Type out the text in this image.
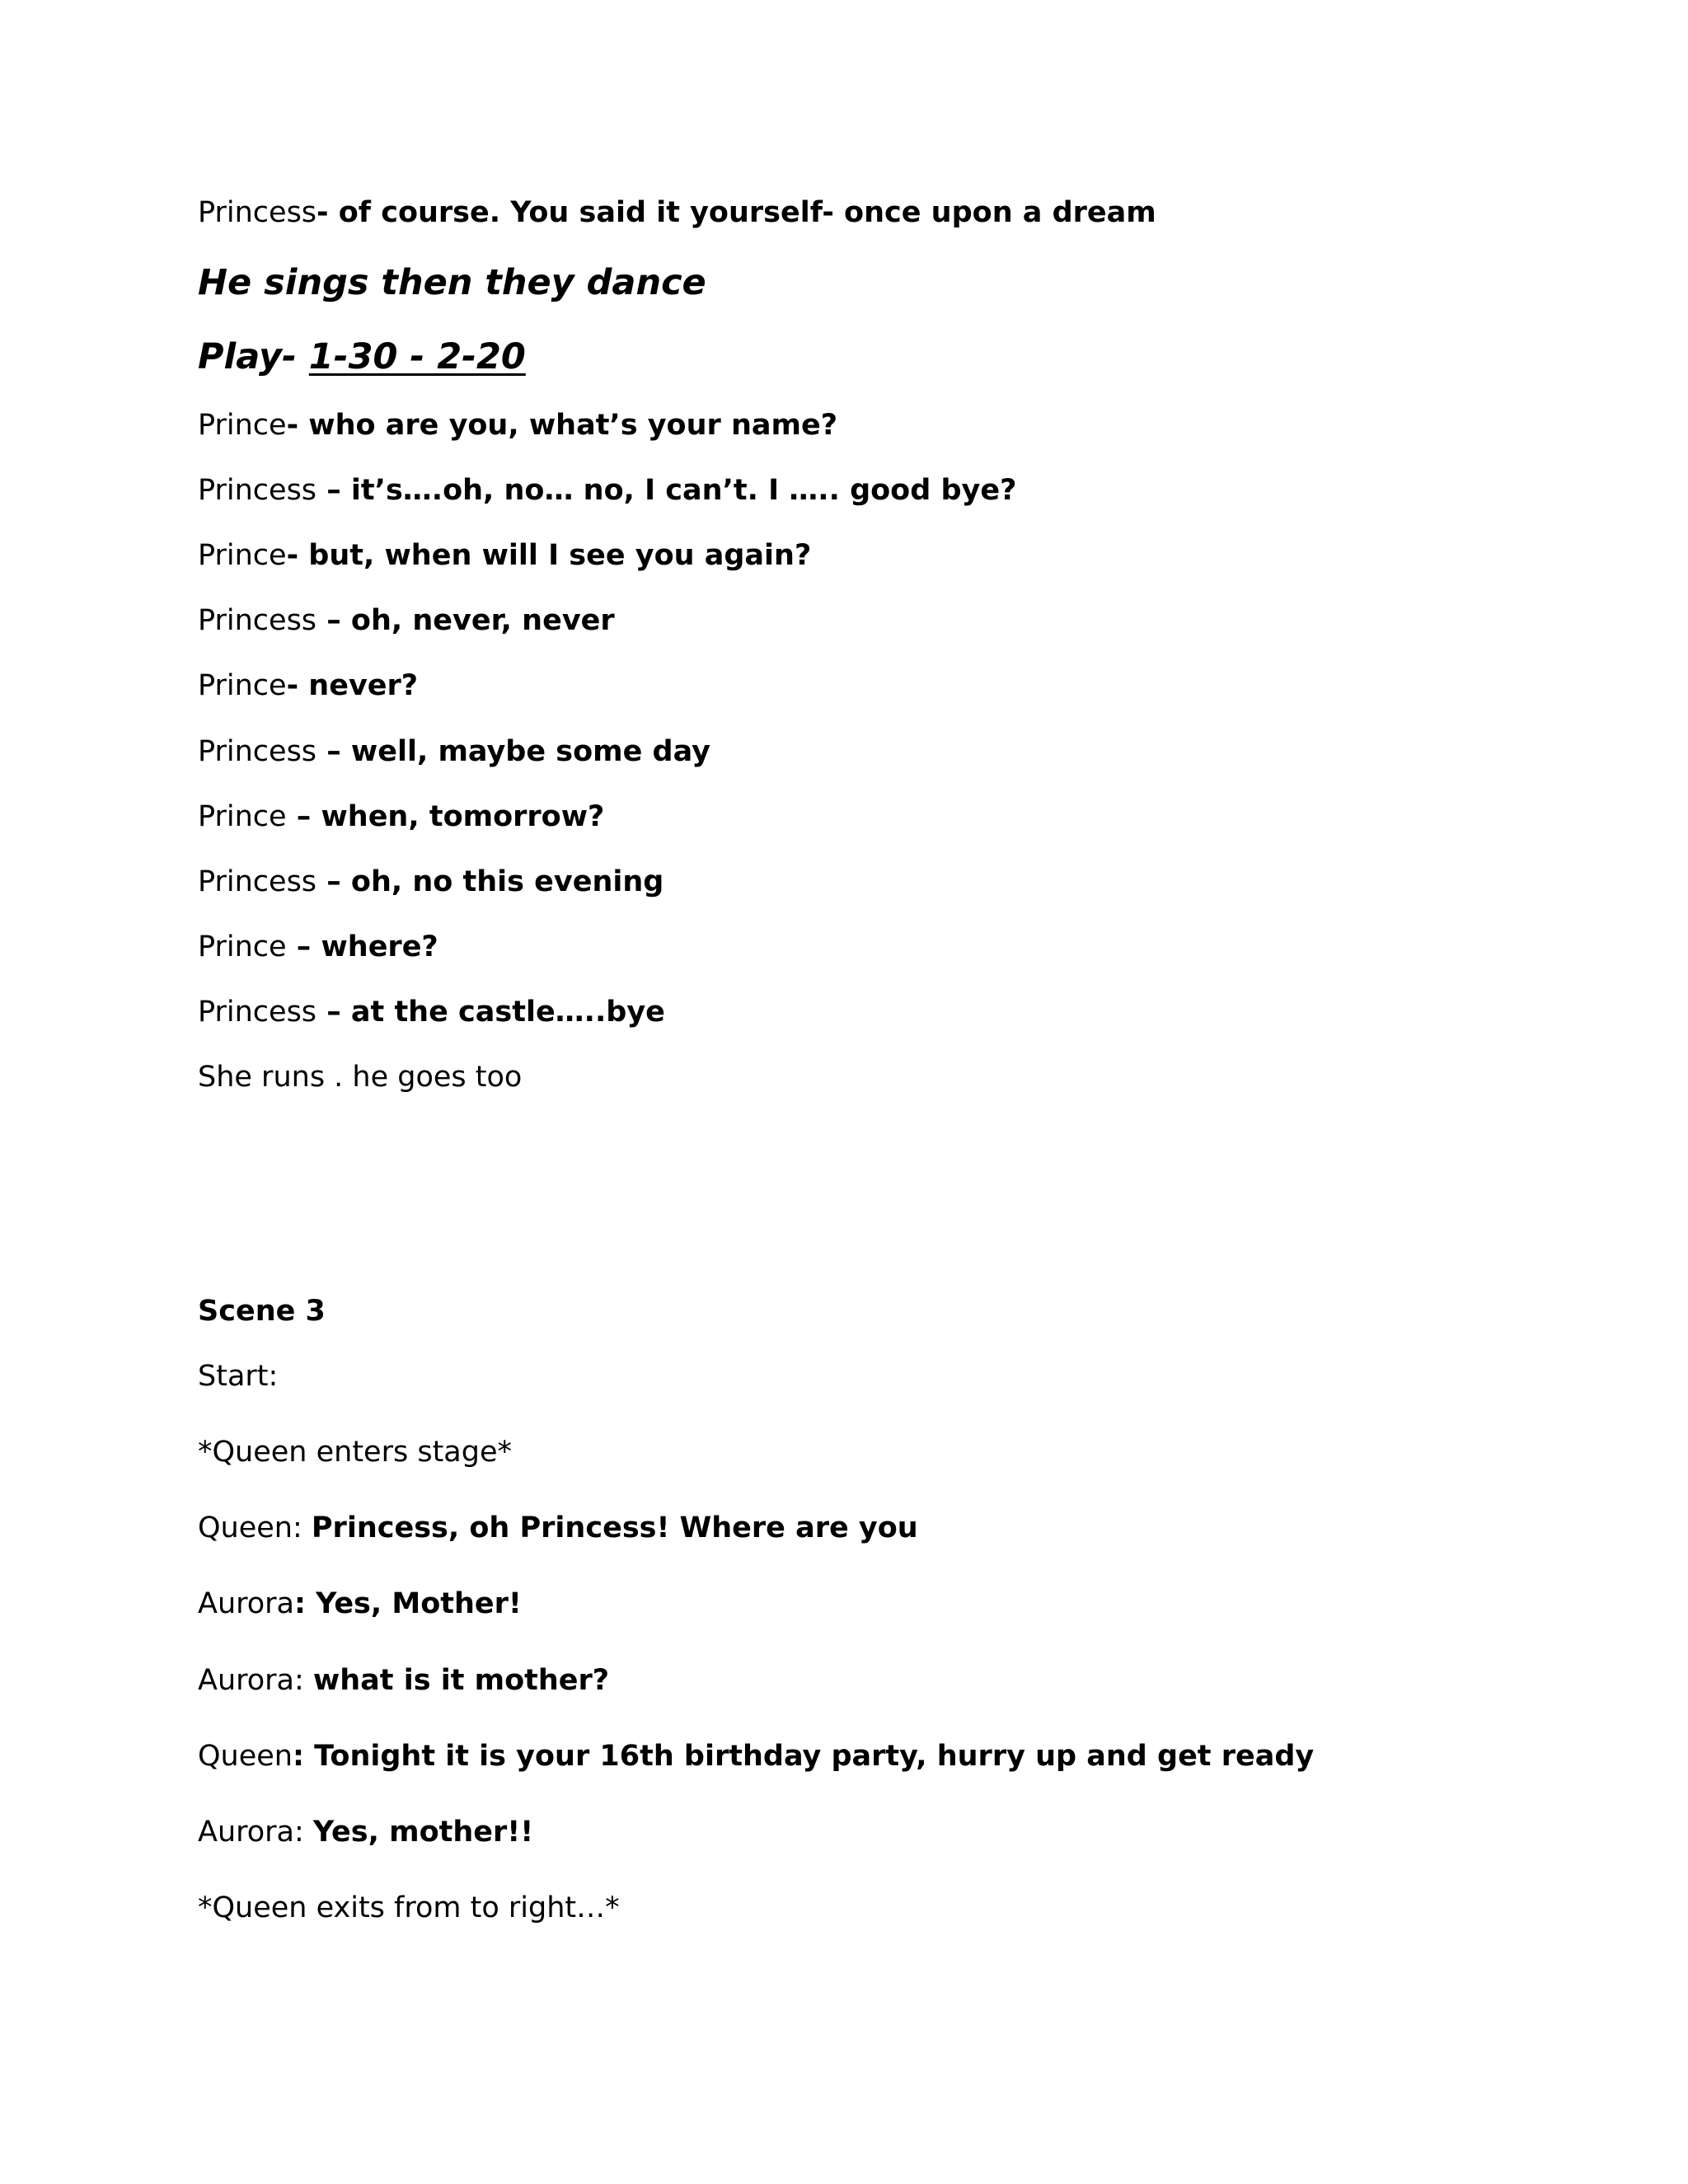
Princess- of course. You said it yourself- once upon a dream
He sings then they dance
Play- 1-30 - 2-20
Prince- who are you, what’s your name?
Princess – it’s….oh, no… no, I can’t. I ….. good bye?
Prince- but, when will I see you again?
Princess – oh, never, never
Prince- never?
Princess – well, maybe some day
Prince – when, tomorrow?
Princess – oh, no this evening
Prince – where?
Princess – at the castle…..bye
She runs . he goes too
Scene 3
Start:
*Queen enters stage*
Queen: Princess, oh Princess! Where are you
Aurora: Yes, Mother!
Aurora: what is it mother?
Queen: Tonight it is your 16th birthday party, hurry up and get ready
Aurora: Yes, mother!!
*Queen exits from to right…*
